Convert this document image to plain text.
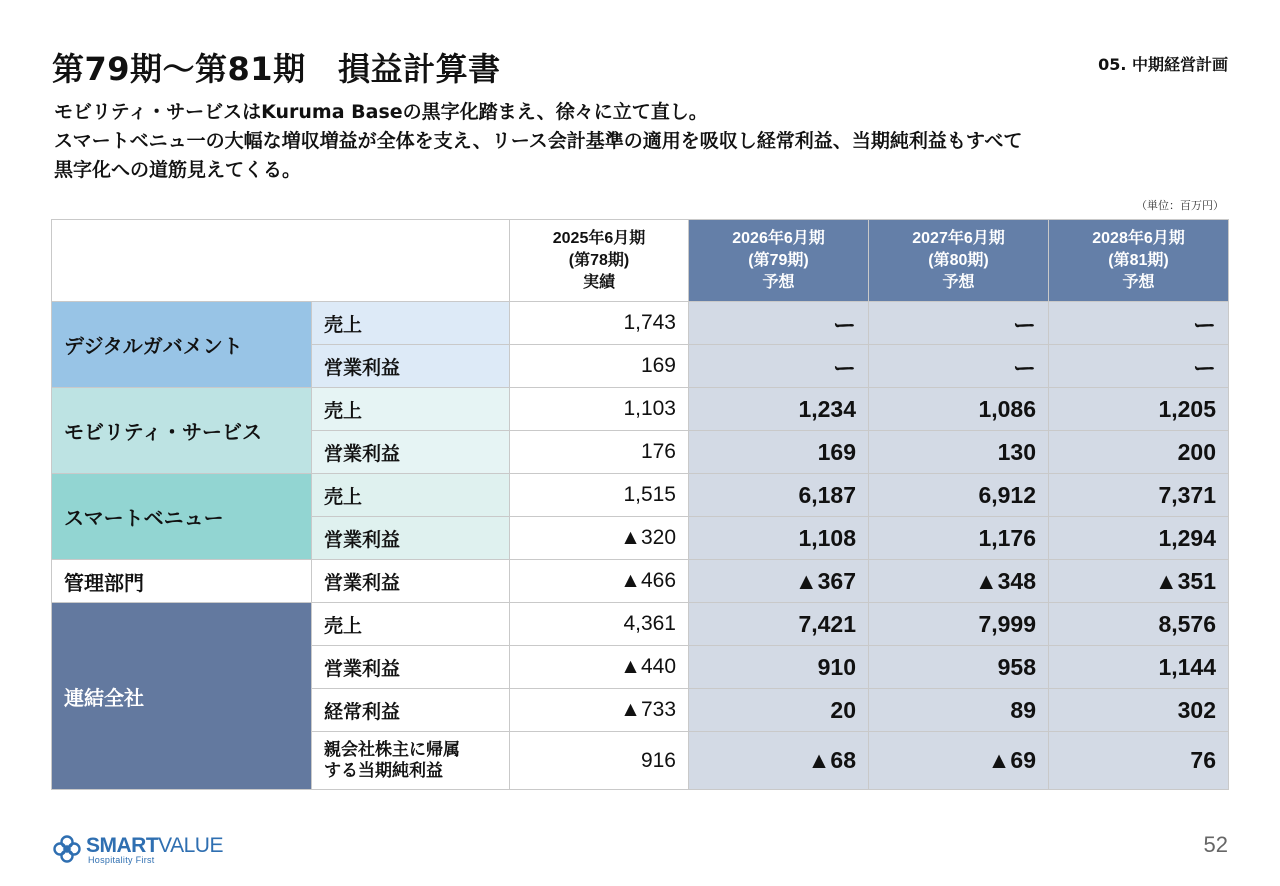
第79期～第81期　損益計算書	05. 中期経営計画
モビリティ・サービスはKuruma Baseの黒字化踏まえ、徐々に立て直し。
スマートベニュ一の大幅な増収増益が全体を支え、リース会計基準の適用を吸収し経常利益、当期純利益もすべて
黒字化への道筋見えてくる。
（単位：百万円）

		2025年6月期
(第78期)
実績	2026年6月期
(第79期)
予想	2027年6月期
(第80期)
予想	2028年6月期
(第81期)
予想

デジタルガバメント	売上	1,743	ー	ー	ー
	営業利益	169	ー	ー	ー
モビリティ・サービス	売上	1,103	1,234	1,086	1,205
	営業利益	176	169	130	200
スマートベニュー	売上	1,515	6,187	6,912	7,371
	営業利益	▲320	1,108	1,176	1,294
管理部門	営業利益	▲466	▲367	▲348	▲351
連結全社	売上	4,361	7,421	7,999	8,576
	営業利益	▲440	910	958	1,144
	経常利益	▲733	20	89	302

	親会社株主に帰属
する当期純利益	916	▲68	▲69	76
SMARTVALUE
Hospitality First
52
